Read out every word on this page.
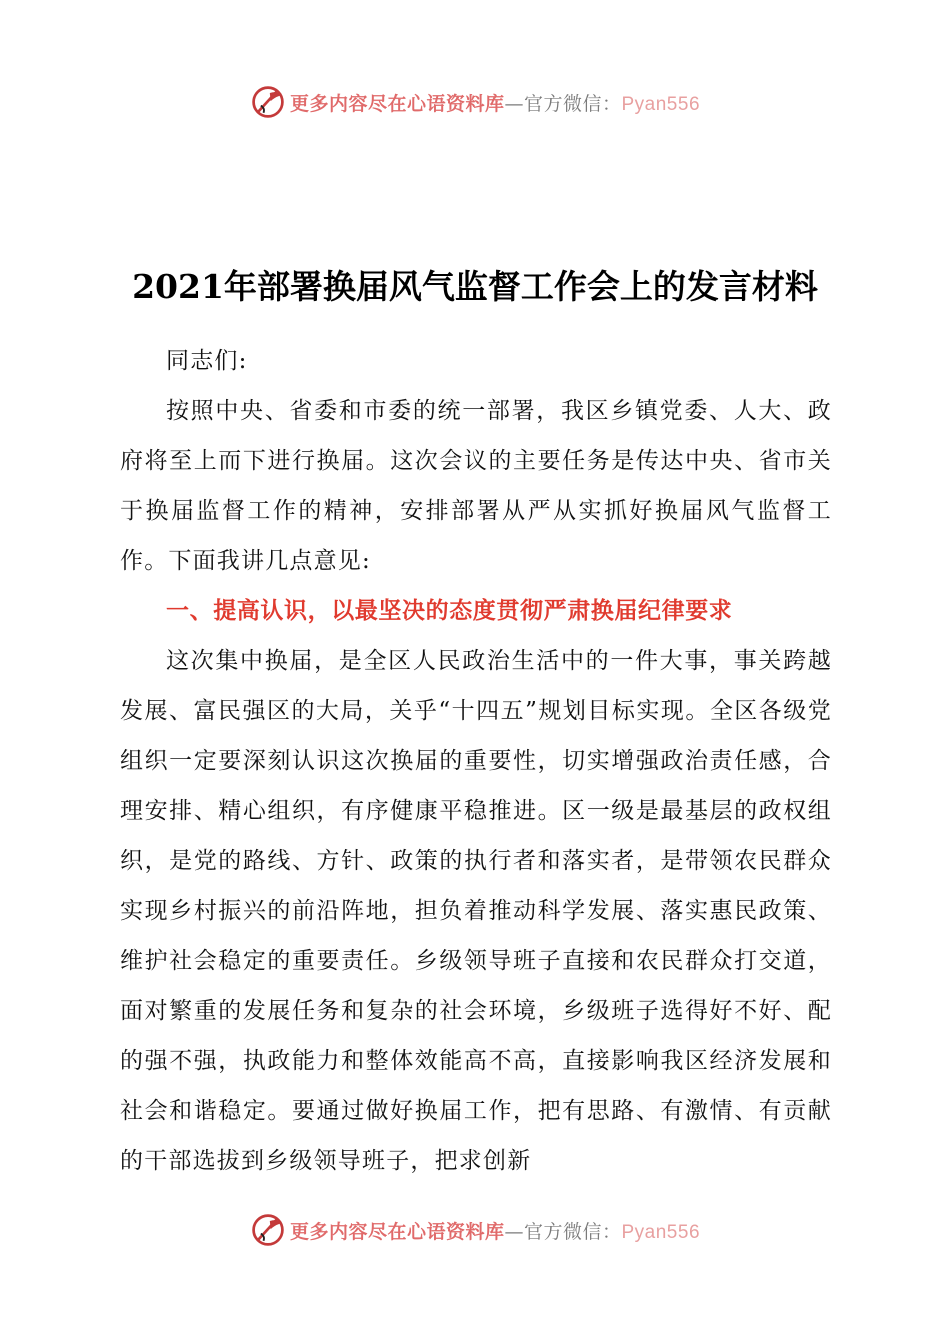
更多内容尽在心语资料库—官方微信：Pyan556
2021年部署换届风气监督工作会上的发言材料

同志们:

按照中央、省委和市委的统一部署，我区乡镇党委、人大、政府将至上而下进行换届。这次会议的主要任务是传达中央、省市关于换届监督工作的精神，安排部署从严从实抓好换届风气监督工作。下面我讲几点意见:

一、提高认识，以最坚决的态度贯彻严肃换届纪律要求

这次集中换届，是全区人民政治生活中的一件大事，事关跨越发展、富民强区的大局，关乎“十四五”规划目标实现。全区各级党组织一定要深刻认识这次换届的重要性，切实增强政治责任感，合理安排、精心组织，有序健康平稳推进。区一级是最基层的政权组织，是党的路线、方针、政策的执行者和落实者，是带领农民群众实现乡村振兴的前沿阵地，担负着推动科学发展、落实惠民政策、维护社会稳定的重要责任。乡级领导班子直接和农民群众打交道，面对繁重的发展任务和复杂的社会环境，乡级班子选得好不好、配的强不强，执政能力和整体效能高不高，直接影响我区经济发展和社会和谐稳定。要通过做好换届工作，把有思路、有激情、有贡献的干部选拔到乡级领导班子，把求创新

更多内容尽在心语资料库—官方微信：Pyan556
